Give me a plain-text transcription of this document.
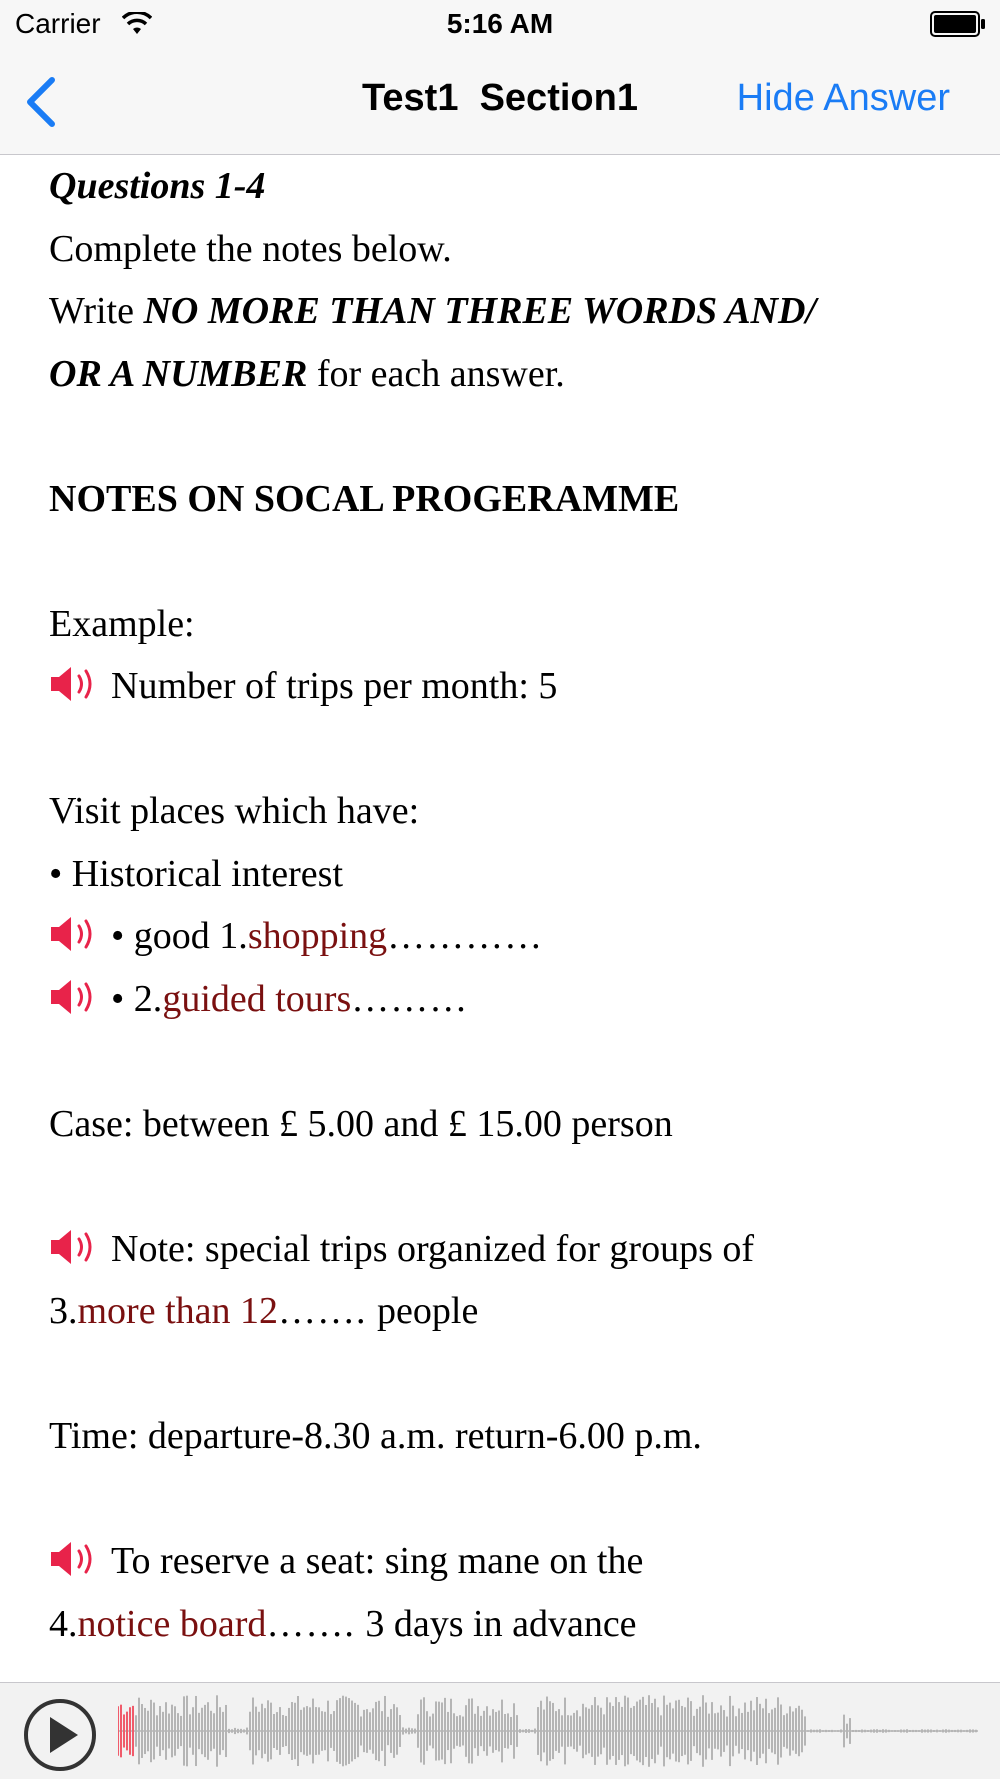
Carrier	5:16 AM
Test1  Section1	Hide Answer
Questions 1-4
Complete the notes below.
Write NO MORE THAN THREE WORDS AND/
OR A NUMBER for each answer.
NOTES ON SOCAL PROGERAMME
Example:
Number of trips per month: 5
Visit places which have:
• Historical interest
• good 1.shopping…………
• 2.guided tours………
Case: between £ 5.00 and £ 15.00 person
Note: special trips organized for groups of
3.more than 12……. people
Time: departure-8.30 a.m. return-6.00 p.m.
To reserve a seat: sing mane on the
4.notice board……. 3 days in advance
